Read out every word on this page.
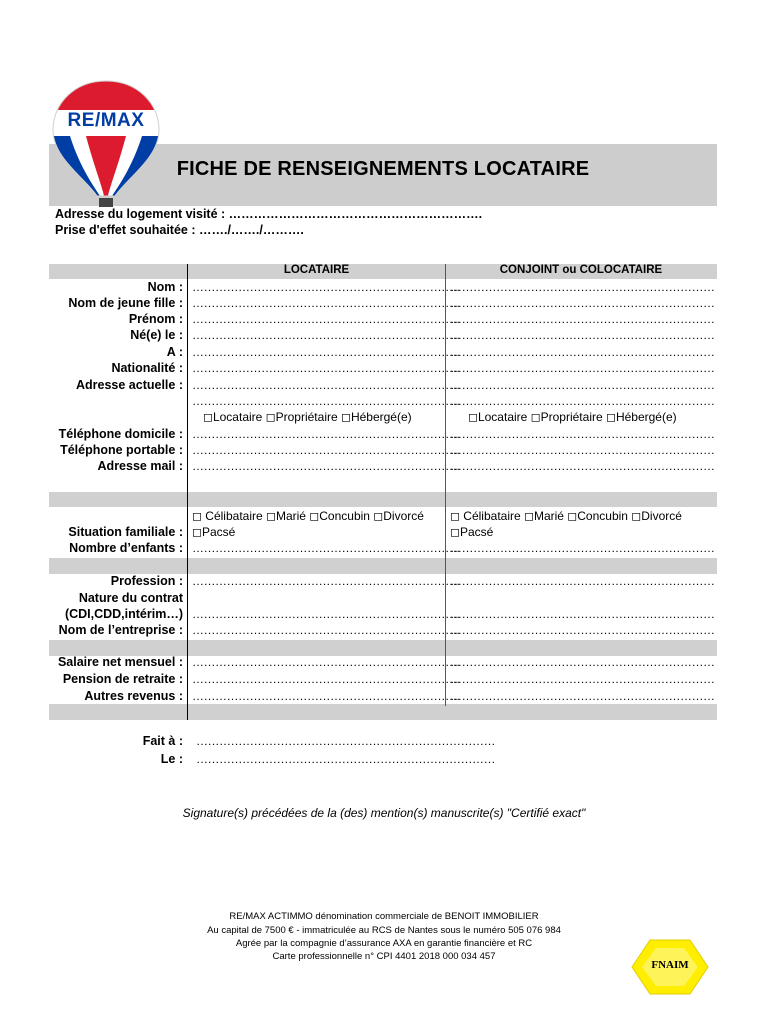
RE/MAX
FICHE DE RENSEIGNEMENTS LOCATAIRE
Adresse du logement visité : …………………………………………………….
Prise d'effet souhaitée : ……./……./……….
LOCATAIRE	CONJOINT ou COLOCATAIRE
Nom :
Nom de jeune fille :
Prénom :
Né(e) le :
A :
Nationalité :
Adresse actuelle :
Téléphone domicile :
Téléphone portable :
Adresse mail :
…………………………………………………………….
…………………………………………………………….
…………………………………………………………….
…………………………………………………………….
…………………………………………………………….
…………………………………………………………….
…………………………………………………………….
…………………………………………………………….
◻Locataire ◻Propriétaire ◻Hébergé(e)
…………………………………………………………….
…………………………………………………………….
…………………………………………………………….
……………………………………………………………
……………………………………………………………
……………………………………………………………
……………………………………………………………
……………………………………………………………
……………………………………………………………
……………………………………………………………
……………………………………………………………
◻Locataire ◻Propriétaire ◻Hébergé(e)
……………………………………………………………
……………………………………………………………
……………………………………………………………
◻ Célibataire ◻Marié ◻Concubin ◻Divorcé ◻ Célibataire ◻Marié ◻Concubin ◻Divorcé
Situation familiale : ◻Pacsé	◻Pacsé
Nombre d’enfants : …………………………………………………………….
……………………………………………………………
Profession :
Nature du contrat
(CDI,CDD,intérim…)
Nom de l’entreprise :
…………………………………………………………….
…………………………………………………………….
…………………………………………………………….
……………………………………………………………
……………………………………………………………
……………………………………………………………
Salaire net mensuel :
Pension de retraite :
Autres revenus :
…………………………………………………………….
…………………………………………………………….
…………………………………………………………….
……………………………………………………………
……………………………………………………………
……………………………………………………………
Fait à :
Le :
……………………………………………………………………
……………………………………………………………………
Signature(s) précédées de la (des) mention(s) manuscrite(s) "Certifié exact"
RE/MAX ACTIMMO dénomination commerciale de BENOIT IMMOBILIER
Au capital de 7500 € - immatriculée au RCS de Nantes sous le numéro 505 076 984
Agrée par la compagnie d’assurance AXA en garantie financière et RC
Carte professionnelle n° CPI 4401 2018 000 034 457
FNAIM
